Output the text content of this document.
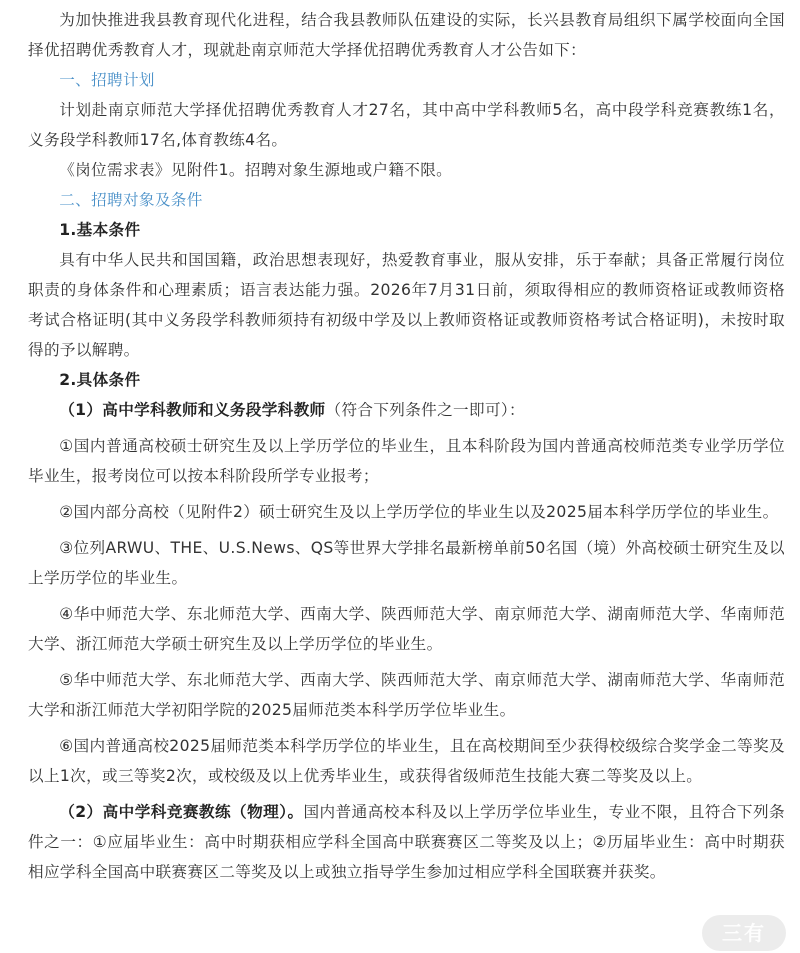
为加快推进我县教育现代化进程，结合我县教师队伍建设的实际，长兴县教育局组织下属学校面向全国择优招聘优秀教育人才，现就赴南京师范大学择优招聘优秀教育人才公告如下：

一、招聘计划

计划赴南京师范大学择优招聘优秀教育人才27名，其中高中学科教师5名，高中段学科竞赛教练1名，义务段学科教师17名,体育教练4名。

《岗位需求表》见附件1。招聘对象生源地或户籍不限。

二、招聘对象及条件

1.基本条件

具有中华人民共和国国籍，政治思想表现好，热爱教育事业，服从安排，乐于奉献；具备正常履行岗位职责的身体条件和心理素质；语言表达能力强。2026年7月31日前，须取得相应的教师资格证或教师资格考试合格证明(其中义务段学科教师须持有初级中学及以上教师资格证或教师资格考试合格证明)，未按时取得的予以解聘。

2.具体条件

（1）高中学科教师和义务段学科教师（符合下列条件之一即可）：

①国内普通高校硕士研究生及以上学历学位的毕业生，且本科阶段为国内普通高校师范类专业学历学位毕业生，报考岗位可以按本科阶段所学专业报考；

②国内部分高校（见附件2）硕士研究生及以上学历学位的毕业生以及2025届本科学历学位的毕业生。

③位列ARWU、THE、U.S.News、QS等世界大学排名最新榜单前50名国（境）外高校硕士研究生及以上学历学位的毕业生。

④华中师范大学、东北师范大学、西南大学、陕西师范大学、南京师范大学、湖南师范大学、华南师范大学、浙江师范大学硕士研究生及以上学历学位的毕业生。

⑤华中师范大学、东北师范大学、西南大学、陕西师范大学、南京师范大学、湖南师范大学、华南师范大学和浙江师范大学初阳学院的2025届师范类本科学历学位毕业生。

⑥国内普通高校2025届师范类本科学历学位的毕业生，且在高校期间至少获得校级综合奖学金二等奖及以上1次，或三等奖2次，或校级及以上优秀毕业生，或获得省级师范生技能大赛二等奖及以上。

（2）高中学科竞赛教练（物理）。国内普通高校本科及以上学历学位毕业生，专业不限，且符合下列条件之一：①应届毕业生：高中时期获相应学科全国高中联赛赛区二等奖及以上；②历届毕业生：高中时期获相应学科全国高中联赛赛区二等奖及以上或独立指导学生参加过相应学科全国联赛并获奖。

三有
